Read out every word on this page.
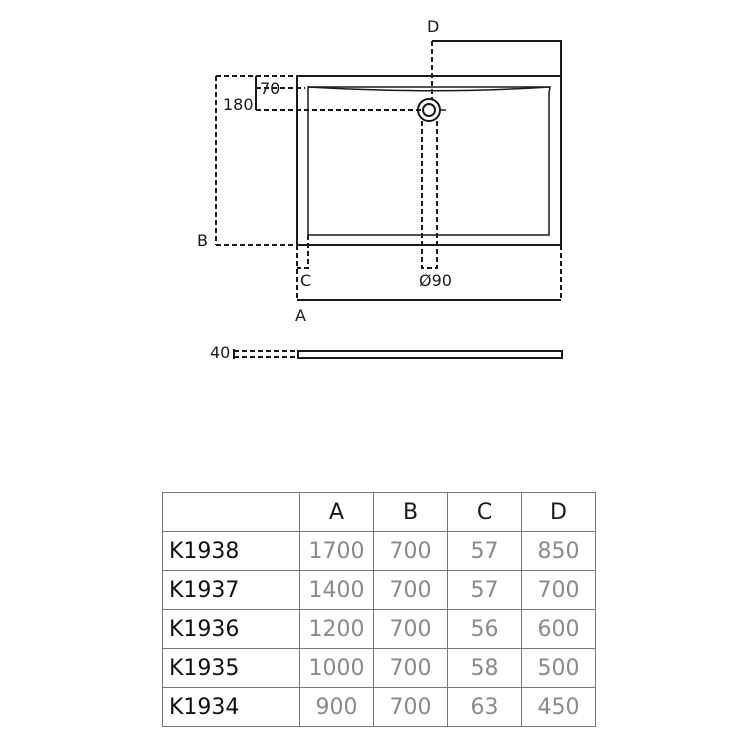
D
70
180
B
C	Ø90
A
40
	A	B	C	D
K1938	1700	700	57	850
K1937	1400	700	57	700
K1936	1200	700	56	600
K1935	1000	700	58	500
K1934	900	700	63	450
